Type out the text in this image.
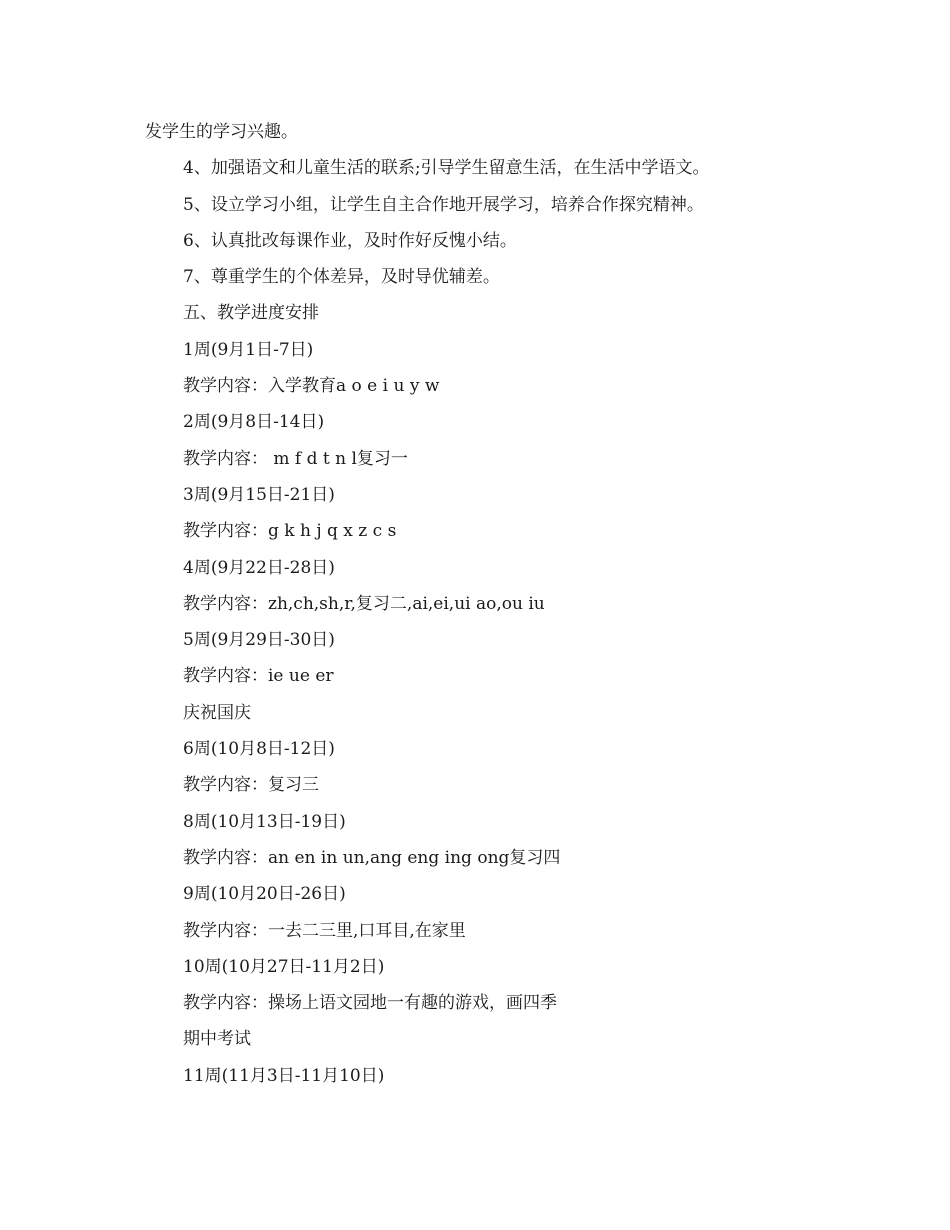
发学生的学习兴趣。
4、加强语文和儿童生活的联系;引导学生留意生活，在生活中学语文。
5、设立学习小组，让学生自主合作地开展学习，培养合作探究精神。
6、认真批改每课作业，及时作好反愧小结。
7、尊重学生的个体差异，及时导优辅差。
五、教学进度安排
1周(9月1日-7日)
教学内容：入学教育a o e i u y w
2周(9月8日-14日)
教学内容： m f d t n l复习一
3周(9月15日-21日)
教学内容：g k h j q x z c s
4周(9月22日-28日)
教学内容：zh,ch,sh,r,复习二,ai,ei,ui ao,ou iu
5周(9月29日-30日)
教学内容：ie ue er
庆祝国庆
6周(10月8日-12日)
教学内容：复习三
8周(10月13日-19日)
教学内容：an en in un,ang eng ing ong复习四
9周(10月20日-26日)
教学内容：一去二三里,口耳目,在家里
10周(10月27日-11月2日)
教学内容：操场上语文园地一有趣的游戏，画四季
期中考试
11周(11月3日-11月10日)
